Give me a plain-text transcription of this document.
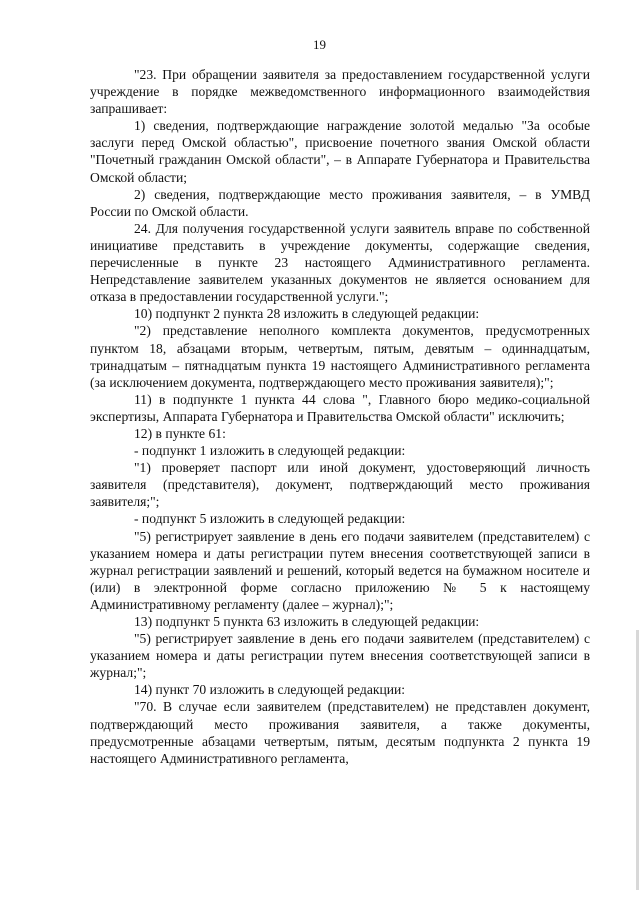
19

"23. При обращении заявителя за предоставлением государственной услуги учреждение в порядке межведомственного информационного взаимодействия запрашивает:

1) сведения, подтверждающие награждение золотой медалью "За особые заслуги перед Омской областью", присвоение почетного звания Омской области "Почетный гражданин Омской области", – в Аппарате Губернатора и Правительства Омской области;

2) сведения, подтверждающие место проживания заявителя, – в УМВД России по Омской области.

24. Для получения государственной услуги заявитель вправе по собственной инициативе представить в учреждение документы, содержащие сведения, перечисленные в пункте 23 настоящего Административного регламента. Непредставление заявителем указанных документов не является основанием для отказа в предоставлении государственной услуги.";

10) подпункт 2 пункта 28 изложить в следующей редакции:

"2) представление неполного комплекта документов, предусмотренных пунктом 18, абзацами вторым, четвертым, пятым, девятым – одиннадцатым, тринадцатым – пятнадцатым пункта 19 настоящего Административного регламента (за исключением документа, подтверждающего место проживания заявителя);";

11) в подпункте 1 пункта 44 слова ", Главного бюро медико-социальной экспертизы, Аппарата Губернатора и Правительства Омской области" исключить;

12) в пункте 61:

- подпункт 1 изложить в следующей редакции:

"1) проверяет паспорт или иной документ, удостоверяющий личность заявителя (представителя), документ, подтверждающий место проживания заявителя;";

- подпункт 5 изложить в следующей редакции:

"5) регистрирует заявление в день его подачи заявителем (представителем) с указанием номера и даты регистрации путем внесения соответствующей записи в журнал регистрации заявлений и решений, который ведется на бумажном носителе и (или) в электронной форме согласно приложению № 5 к настоящему Административному регламенту (далее – журнал);";

13) подпункт 5 пункта 63 изложить в следующей редакции:

"5) регистрирует заявление в день его подачи заявителем (представителем) с указанием номера и даты регистрации путем внесения соответствующей записи в журнал;";

14) пункт 70 изложить в следующей редакции:

"70. В случае если заявителем (представителем) не представлен документ, подтверждающий место проживания заявителя, а также документы, предусмотренные абзацами четвертым, пятым, десятым подпункта 2 пункта 19 настоящего Административного регламента,
